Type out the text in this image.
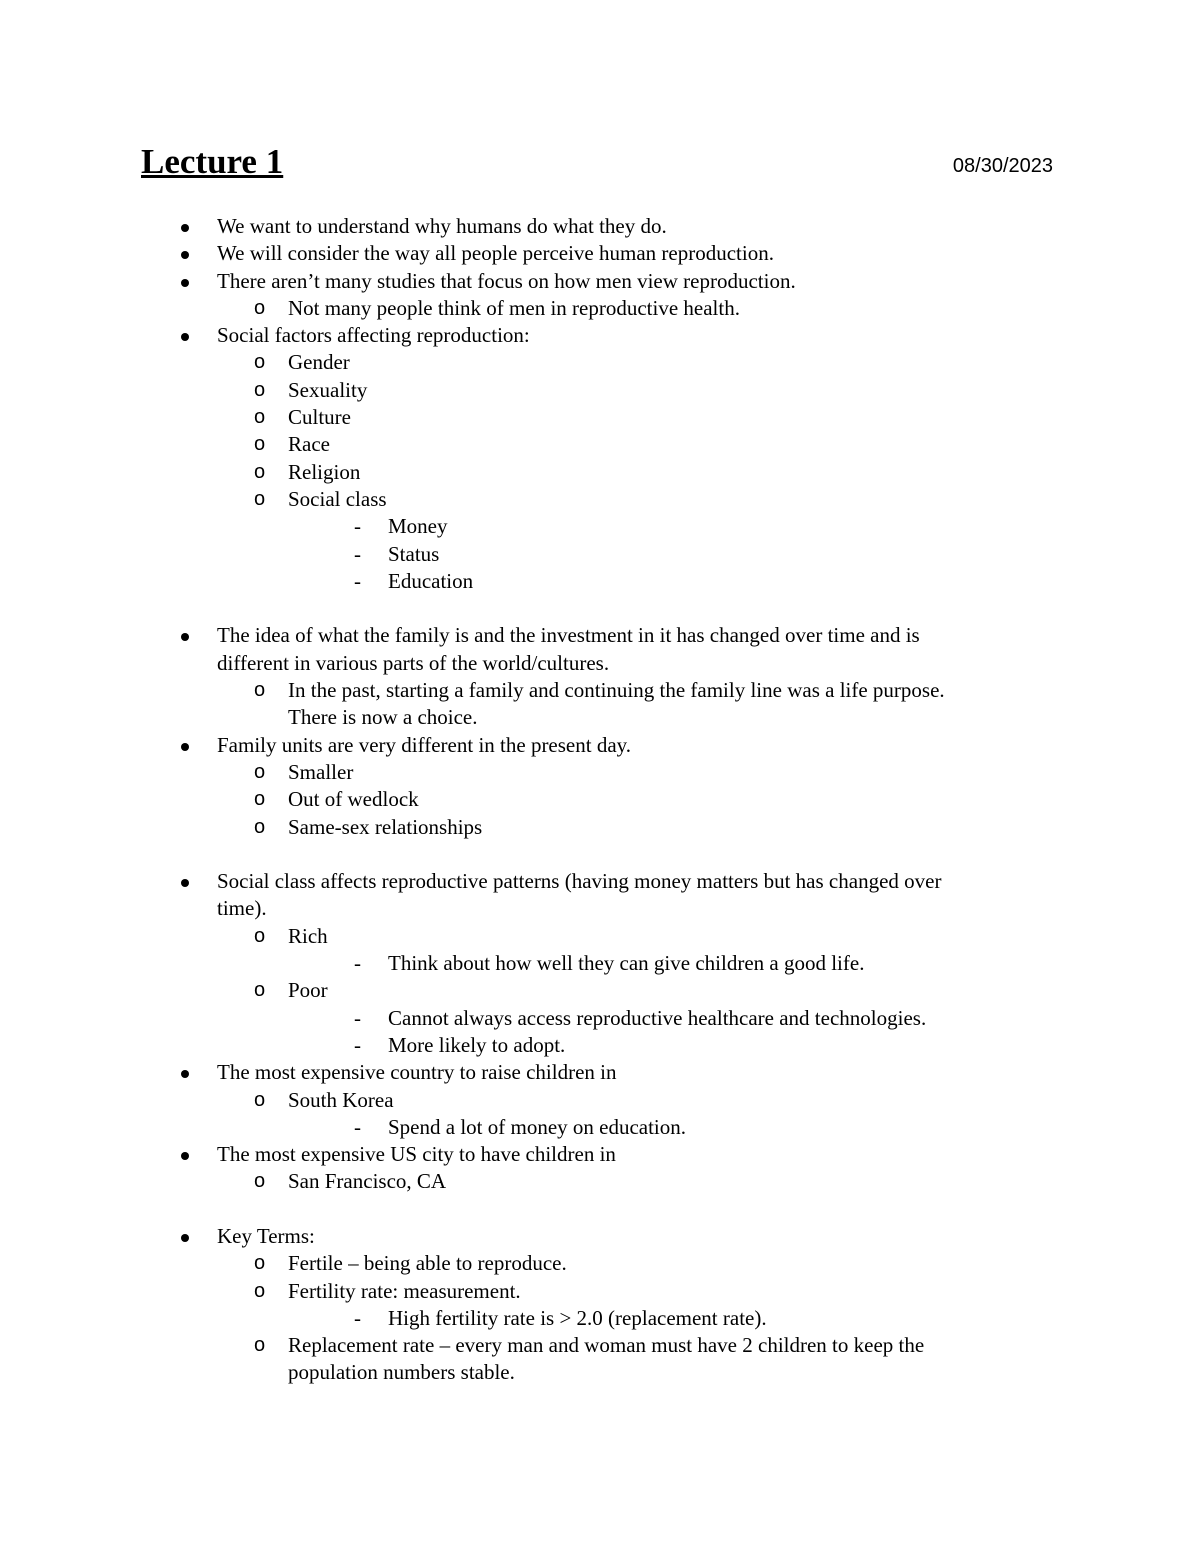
Lecture 1	08/30/2023
We want to understand why humans do what they do.
We will consider the way all people perceive human reproduction.
There aren’t many studies that focus on how men view reproduction.
o Not many people think of men in reproductive health.
Social factors affecting reproduction:
o Gender
o Sexuality
o Culture
o Race
o Religion
o Social class
- Money
- Status
- Education
The idea of what the family is and the investment in it has changed over time and is
different in various parts of the world/cultures.
o In the past, starting a family and continuing the family line was a life purpose.
There is now a choice.
Family units are very different in the present day.
o Smaller
o Out of wedlock
o Same-sex relationships
Social class affects reproductive patterns (having money matters but has changed over
time).
o Rich
- Think about how well they can give children a good life.
o Poor
- Cannot always access reproductive healthcare and technologies.
- More likely to adopt.
The most expensive country to raise children in
o South Korea
- Spend a lot of money on education.
The most expensive US city to have children in
o San Francisco, CA
Key Terms:
o Fertile – being able to reproduce.
o Fertility rate: measurement.
- High fertility rate is > 2.0 (replacement rate).
o Replacement rate – every man and woman must have 2 children to keep the
population numbers stable.
